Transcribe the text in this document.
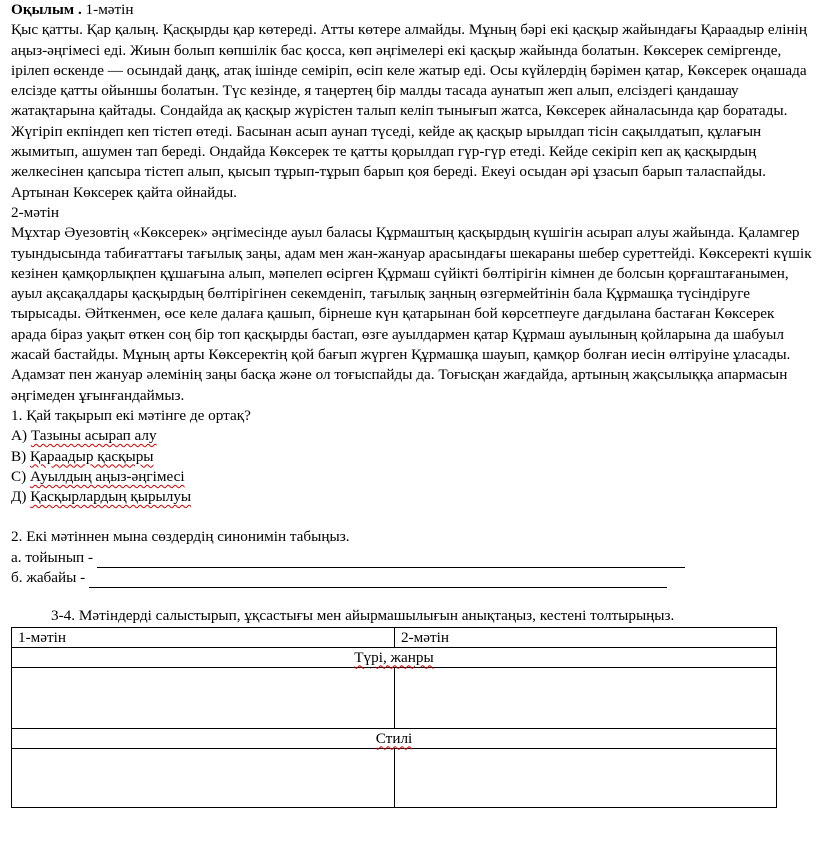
Оқылым . 1-мәтін

Қыс қатты. Қар қалың. Қасқырды қар көтереді. Атты көтере алмайды. Мұның бәрі екі қасқыр жайындағы Қараадыр елінің аңыз-әңгімесі еді. Жиын болып көпшілік бас қосса, көп әңгімелері екі қасқыр жайында болатын. Көксерек семіргенде, ірілеп өскенде — осындай даңқ, атақ ішінде семіріп, өсіп келе жатыр еді. Осы күйлердің бәрімен қатар, Көксерек оңашада елсізде қатты ойыншы болатын. Түс кезінде, я таңертең бір малды тасада аунатып жеп алып, елсіздегі қандашау жатақтарына қайтады. Сондайда ақ қасқыр жүрістен талып келіп тынығып жатса, Көксерек айналасында қар боратады. Жүгіріп екпіндеп кеп тістеп өтеді. Басынан асып аунап түседі, кейде ақ қасқыр ырылдап тісін сақылдатып, құлағын жымитып, ашумен тап береді. Ондайда Көксерек те қатты қорылдап гүр-гүр етеді. Кейде секіріп кеп ақ қасқырдың желкесінен қапсыра тістеп алып, қысып тұрып-тұрып барып қоя береді. Екеуі осыдан әрі ұзасып барып таласпайды. Артынан Көксерек қайта ойнайды.

2-мәтін

Мұхтар Әуезовтің «Көксерек» әңгімесінде ауыл баласы Құрмаштың қасқырдың күшігін асырап алуы жайында. Қаламгер туындысында табиғаттағы тағылық заңы, адам мен жан-жануар арасындағы шекараны шебер суреттейді. Көксеректі күшік кезінен қамқорлықпен құшағына алып, мәпелеп өсірген Құрмаш сүйікті бөлтірігін кімнен де болсын қорғаштағанымен, ауыл ақсақалдары қасқырдың бөлтірігінен секемденіп, тағылық заңның өзгермейтінін бала Құрмашқа түсіндіруге тырысады. Әйткенмен, өсе келе далаға қашып, бірнеше күн қатарынан бой көрсетпеуге дағдылана бастаған Көксерек арада біраз уақыт өткен соң бір топ қасқырды бастап, өзге ауылдармен қатар Құрмаш ауылының қойларына да шабуыл жасай бастайды. Мұның арты Көксеректің қой бағып жүрген Құрмашқа шауып, қамқор болған иесін өлтіруіне ұласады. Адамзат пен жануар әлемінің заңы басқа және ол тоғыспайды да. Тоғысқан жағдайда, артының жақсылыққа апармасын әңгімеден ұғынғандаймыз.

1. Қай тақырып екі мәтінге де ортақ?

А) Тазыны асырап алу

В) Қараадыр қасқыры

С) Ауылдың аңыз-әңгімесі

Д) Қасқырлардың қырылуы

2. Екі мәтіннен мына сөздердің синонимін табыңыз.

а. тойынып -

б. жабайы -

3-4. Мәтіндерді салыстырып, ұқсастығы мен айырмашылығын анықтаңыз, кестені толтырыңыз.

1-мәтін	2-мәтін
Түрі, жанры	

Стилі	
